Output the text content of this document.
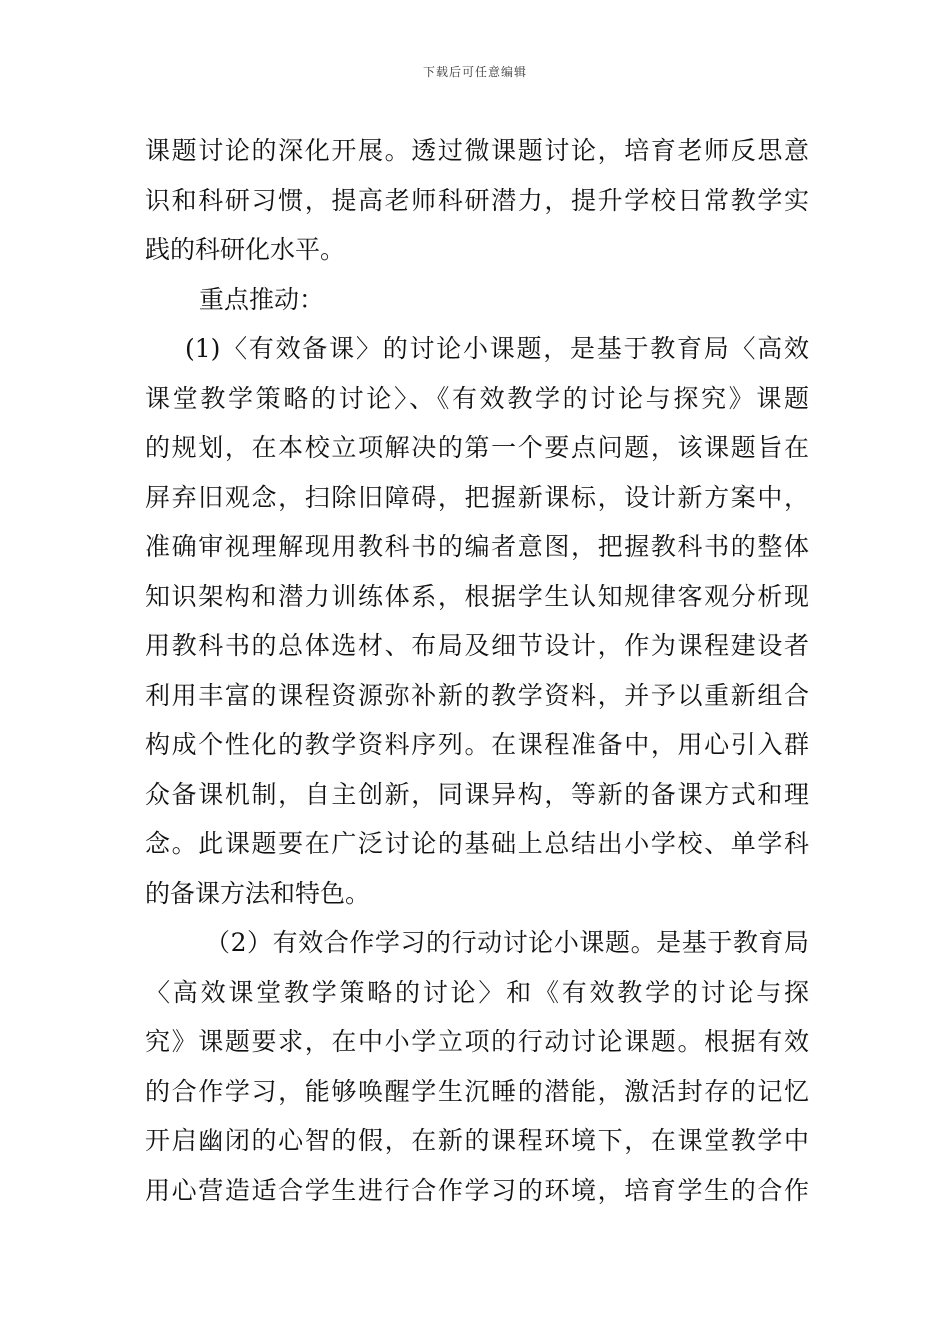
下载后可任意编辑
课题讨论的深化开展。透过微课题讨论，培育老师反思意
识和科研习惯，提高老师科研潜力，提升学校日常教学实
践的科研化水平。
重点推动：
(1)〈有效备课〉的讨论小课题，是基于教育局〈高效
课堂教学策略的讨论〉、《有效教学的讨论与探究》课题
的规划，在本校立项解决的第一个要点问题，该课题旨在
屏弃旧观念，扫除旧障碍，把握新课标，设计新方案中，
准确审视理解现用教科书的编者意图，把握教科书的整体
知识架构和潜力训练体系，根据学生认知规律客观分析现
用教科书的总体选材、布局及细节设计，作为课程建设者
利用丰富的课程资源弥补新的教学资料，并予以重新组合
构成个性化的教学资料序列。在课程准备中，用心引入群
众备课机制，自主创新，同课异构，等新的备课方式和理
念。此课题要在广泛讨论的基础上总结出小学校、单学科
的备课方法和特色。
（2）有效合作学习的行动讨论小课题。是基于教育局
〈高效课堂教学策略的讨论〉和《有效教学的讨论与探
究》课题要求，在中小学立项的行动讨论课题。根据有效
的合作学习，能够唤醒学生沉睡的潜能，激活封存的记忆
开启幽闭的心智的假，在新的课程环境下，在课堂教学中
用心营造适合学生进行合作学习的环境，培育学生的合作
